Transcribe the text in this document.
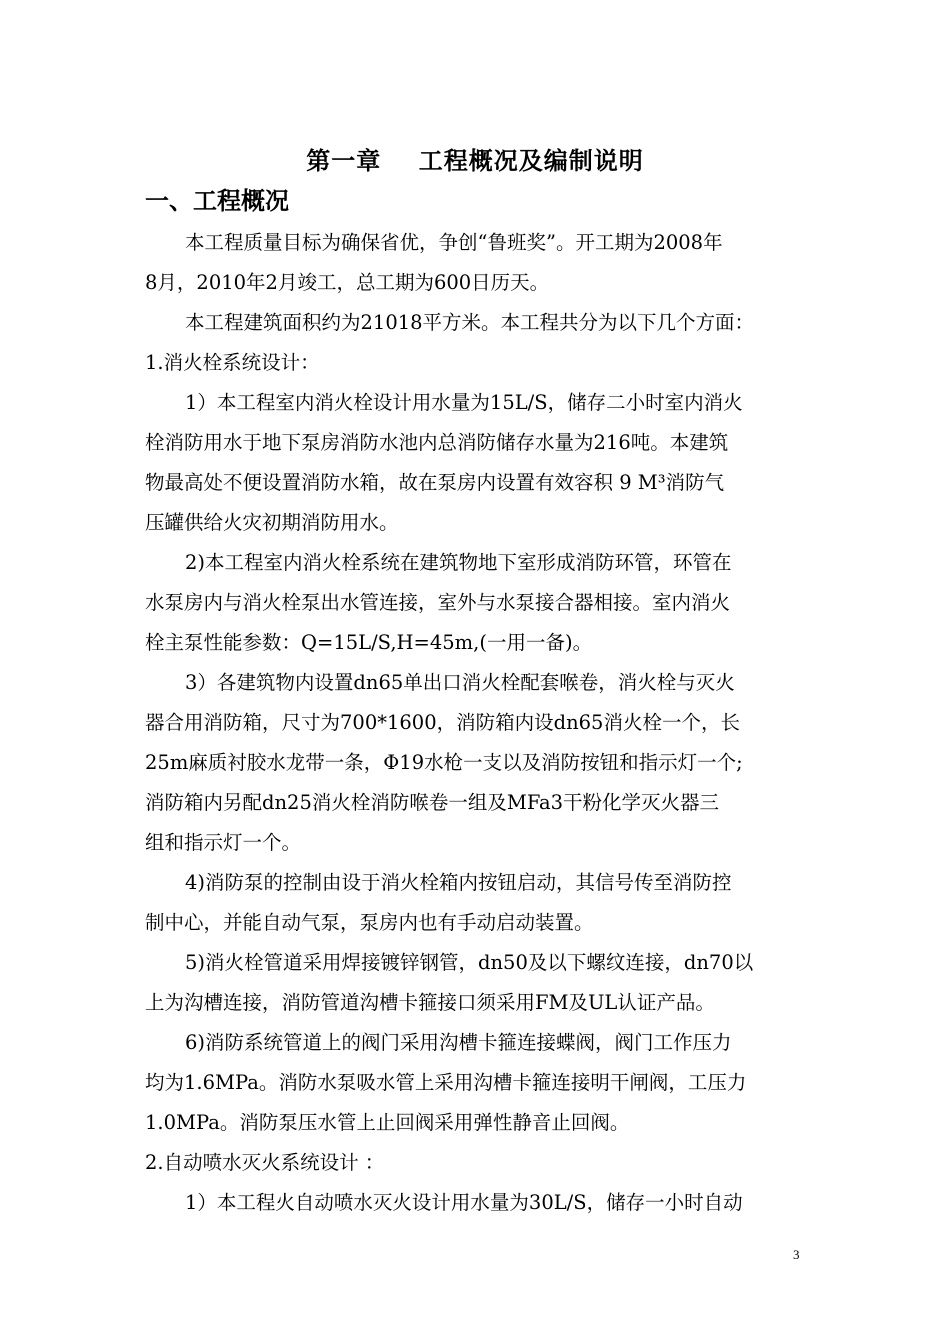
第一章    工程概况及编制说明
一、工程概况
本工程质量目标为确保省优，争创“鲁班奖”。开工期为2008年
8月，2010年2月竣工，总工期为600日历天。
本工程建筑面积约为21018平方米。本工程共分为以下几个方面：
1.消火栓系统设计：
1）本工程室内消火栓设计用水量为15L/S，储存二小时室内消火
栓消防用水于地下泵房消防水池内总消防储存水量为216吨。本建筑
物最高处不便设置消防水箱，故在泵房内设置有效容积 9 M³消防气
压罐供给火灾初期消防用水。
2)本工程室内消火栓系统在建筑物地下室形成消防环管，环管在
水泵房内与消火栓泵出水管连接，室外与水泵接合器相接。室内消火
栓主泵性能参数：Q=15L/S,H=45m,(一用一备)。
3）各建筑物内设置dn65单出口消火栓配套喉卷，消火栓与灭火
器合用消防箱，尺寸为700*1600，消防箱内设dn65消火栓一个，长
25m麻质衬胶水龙带一条，Φ19水枪一支以及消防按钮和指示灯一个;
消防箱内另配dn25消火栓消防喉卷一组及MFa3干粉化学灭火器三
组和指示灯一个。
4)消防泵的控制由设于消火栓箱内按钮启动，其信号传至消防控
制中心，并能自动气泵，泵房内也有手动启动装置。
5)消火栓管道采用焊接镀锌钢管，dn50及以下螺纹连接，dn70以
上为沟槽连接，消防管道沟槽卡箍接口须采用FM及UL认证产品。
6)消防系统管道上的阀门采用沟槽卡箍连接蝶阀，阀门工作压力
均为1.6MPa。消防水泵吸水管上采用沟槽卡箍连接明干闸阀，工压力
1.0MPa。消防泵压水管上止回阀采用弹性静音止回阀。
2.自动喷水灭火系统设计 ：
1）本工程火自动喷水灭火设计用水量为30L/S，储存一小时自动
3
